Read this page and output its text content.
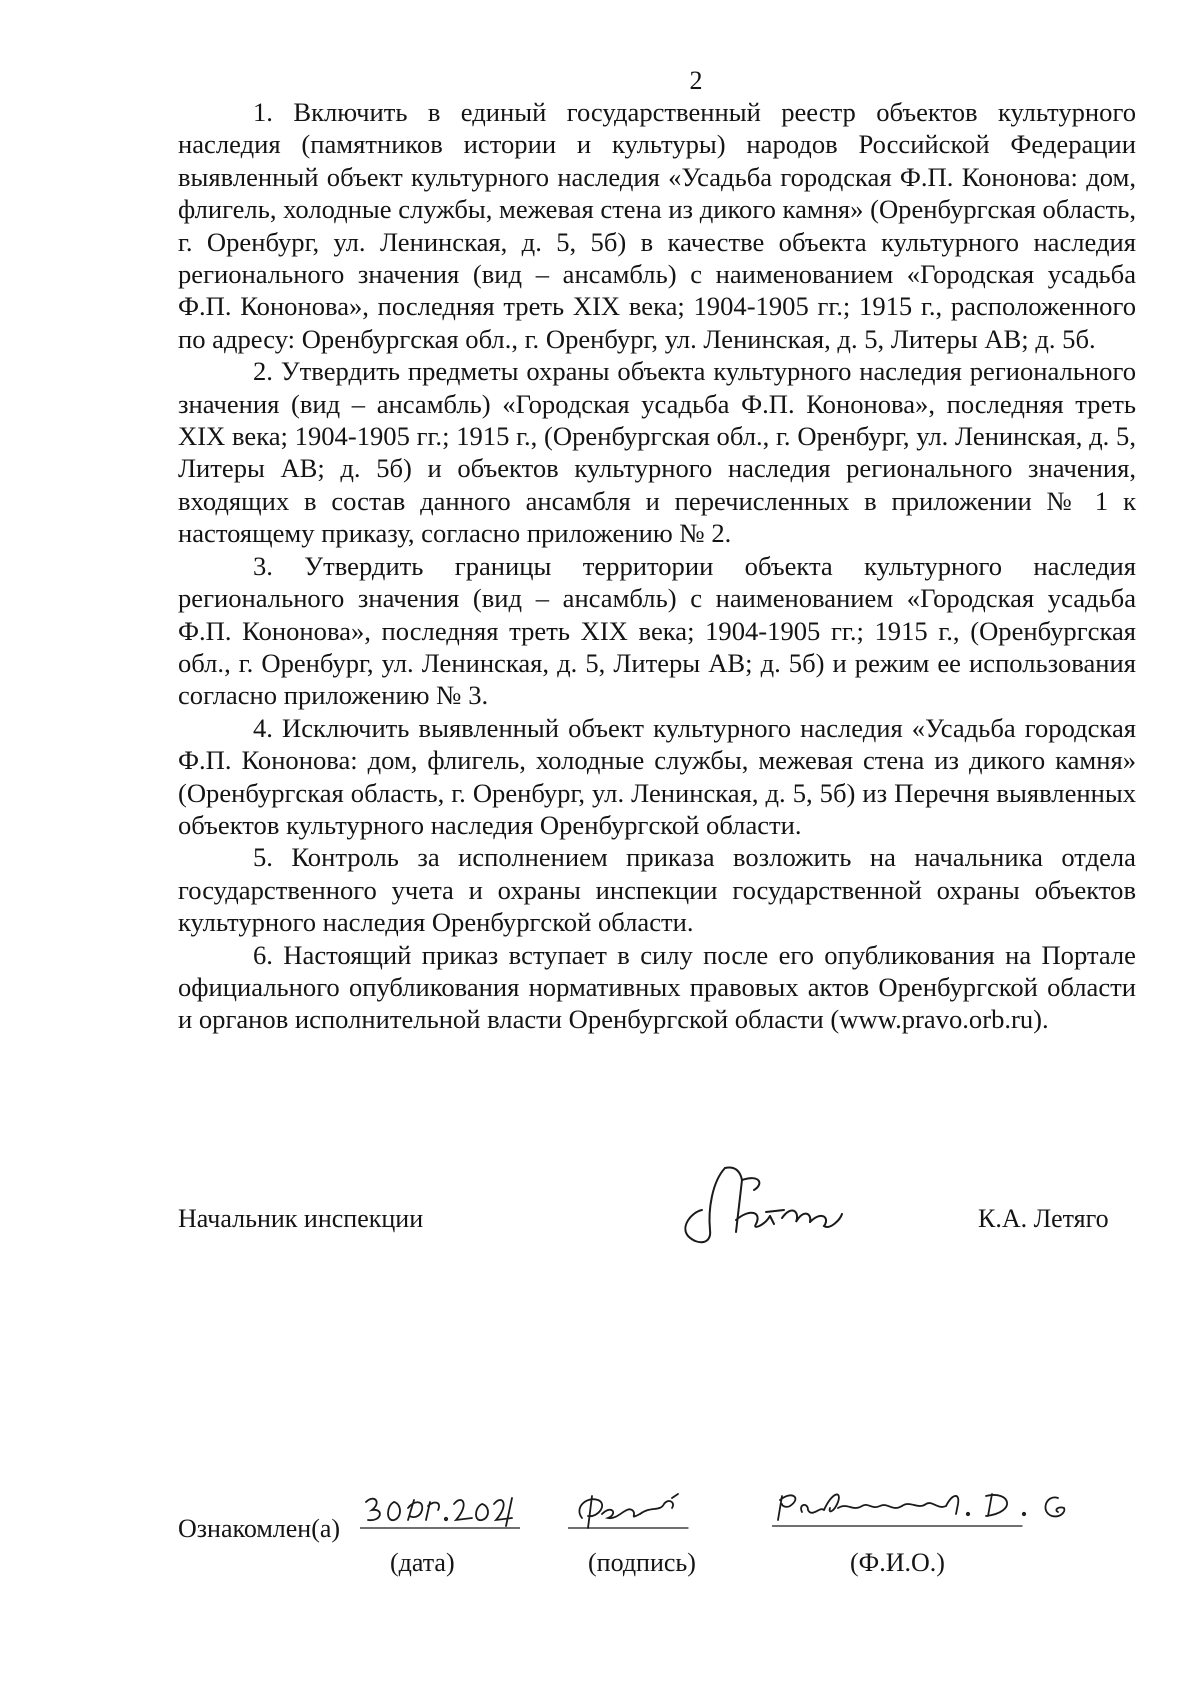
2

1. Включить в единый государственный реестр объектов культурного наследия (памятников истории и культуры) народов Российской Федерации выявленный объект культурного наследия «Усадьба городская Ф.П. Кононова: дом, флигель, холодные службы, межевая стена из дикого камня» (Оренбургская область, г. Оренбург, ул. Ленинская, д. 5, 5б) в качестве объекта культурного наследия регионального значения (вид – ансамбль) с наименованием «Городская усадьба Ф.П. Кононова», последняя треть XIX века; 1904-1905 гг.; 1915 г., расположенного по адресу: Оренбургская обл., г. Оренбург, ул. Ленинская, д. 5, Литеры АВ; д. 5б.

2. Утвердить предметы охраны объекта культурного наследия регионального значения (вид – ансамбль) «Городская усадьба Ф.П. Кононова», последняя треть XIX века; 1904-1905 гг.; 1915 г., (Оренбургская обл., г. Оренбург, ул. Ленинская, д. 5, Литеры АВ; д. 5б) и объектов культурного наследия регионального значения, входящих в состав данного ансамбля и перечисленных в приложении № 1 к настоящему приказу, согласно приложению № 2.

3. Утвердить границы территории объекта культурного наследия регионального значения (вид – ансамбль) с наименованием «Городская усадьба Ф.П. Кононова», последняя треть XIX века; 1904-1905 гг.; 1915 г., (Оренбургская обл., г. Оренбург, ул. Ленинская, д. 5, Литеры АВ; д. 5б) и режим ее использования согласно приложению № 3.

4. Исключить выявленный объект культурного наследия «Усадьба городская Ф.П. Кононова: дом, флигель, холодные службы, межевая стена из дикого камня» (Оренбургская область, г. Оренбург, ул. Ленинская, д. 5, 5б) из Перечня выявленных объектов культурного наследия Оренбургской области.

5. Контроль за исполнением приказа возложить на начальника отдела государственного учета и охраны инспекции государственной охраны объектов культурного наследия Оренбургской области.

6. Настоящий приказ вступает в силу после его опубликования на Портале официального опубликования нормативных правовых актов Оренбургской области и органов исполнительной власти Оренбургской области (www.pravo.orb.ru).

Начальник инспекции	К.А. Летяго
Ознакомлен(а)
(дата)	(подпись)	(Ф.И.О.)
